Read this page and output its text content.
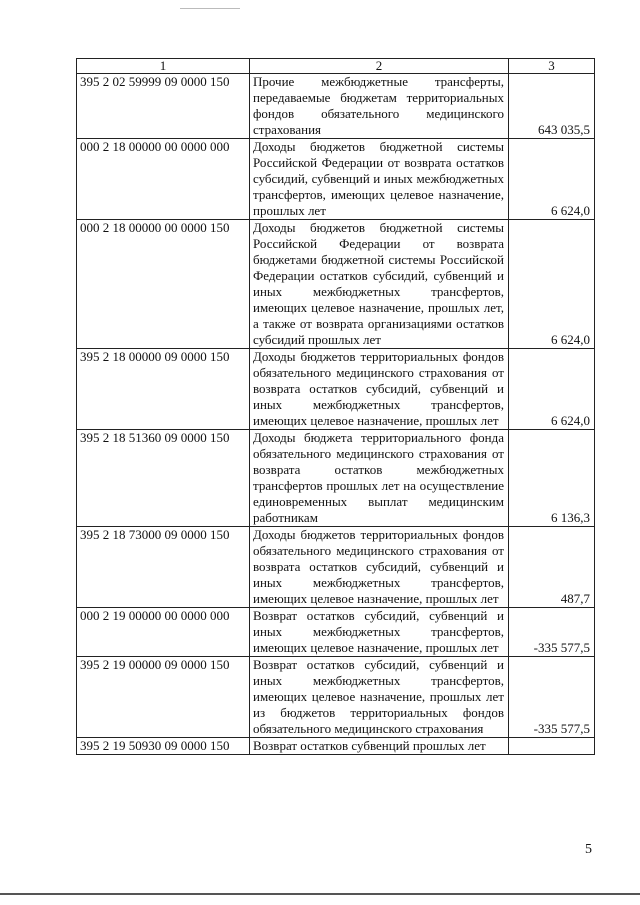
1	2	3
395 2 02 59999 09 0000 150	Прочие межбюджетные трансферты, передаваемые бюджетам территориальных фондов обязательного медицинского страхования	643 035,5
000 2 18 00000 00 0000 000	Доходы бюджетов бюджетной системы Российской Федерации от возврата остатков субсидий, субвенций и иных межбюджетных трансфертов, имеющих целевое назначение, прошлых лет	6 624,0
000 2 18 00000 00 0000 150	Доходы бюджетов бюджетной системы Российской Федерации от возврата бюджетами бюджетной системы Российской Федерации остатков субсидий, субвенций и иных межбюджетных трансфертов, имеющих целевое назначение, прошлых лет, а также от возврата организациями остатков субсидий прошлых лет	6 624,0
395 2 18 00000 09 0000 150	Доходы бюджетов территориальных фондов обязательного медицинского страхования от возврата остатков субсидий, субвенций и иных межбюджетных трансфертов, имеющих целевое назначение, прошлых лет	6 624,0
395 2 18 51360 09 0000 150	Доходы бюджета территориального фонда обязательного медицинского страхования от возврата остатков межбюджетных трансфертов прошлых лет на осуществление единовременных выплат медицинским работникам	6 136,3
395 2 18 73000 09 0000 150	Доходы бюджетов территориальных фондов обязательного медицинского страхования от возврата остатков субсидий, субвенций и иных межбюджетных трансфертов, имеющих целевое назначение, прошлых лет	487,7
000 2 19 00000 00 0000 000	Возврат остатков субсидий, субвенций и иных межбюджетных трансфертов, имеющих целевое назначение, прошлых лет	-335 577,5
395 2 19 00000 09 0000 150	Возврат остатков субсидий, субвенций и иных межбюджетных трансфертов, имеющих целевое назначение, прошлых лет из бюджетов территориальных фондов обязательного медицинского страхования	-335 577,5
395 2 19 50930 09 0000 150	Возврат остатков субвенций прошлых лет	
5
